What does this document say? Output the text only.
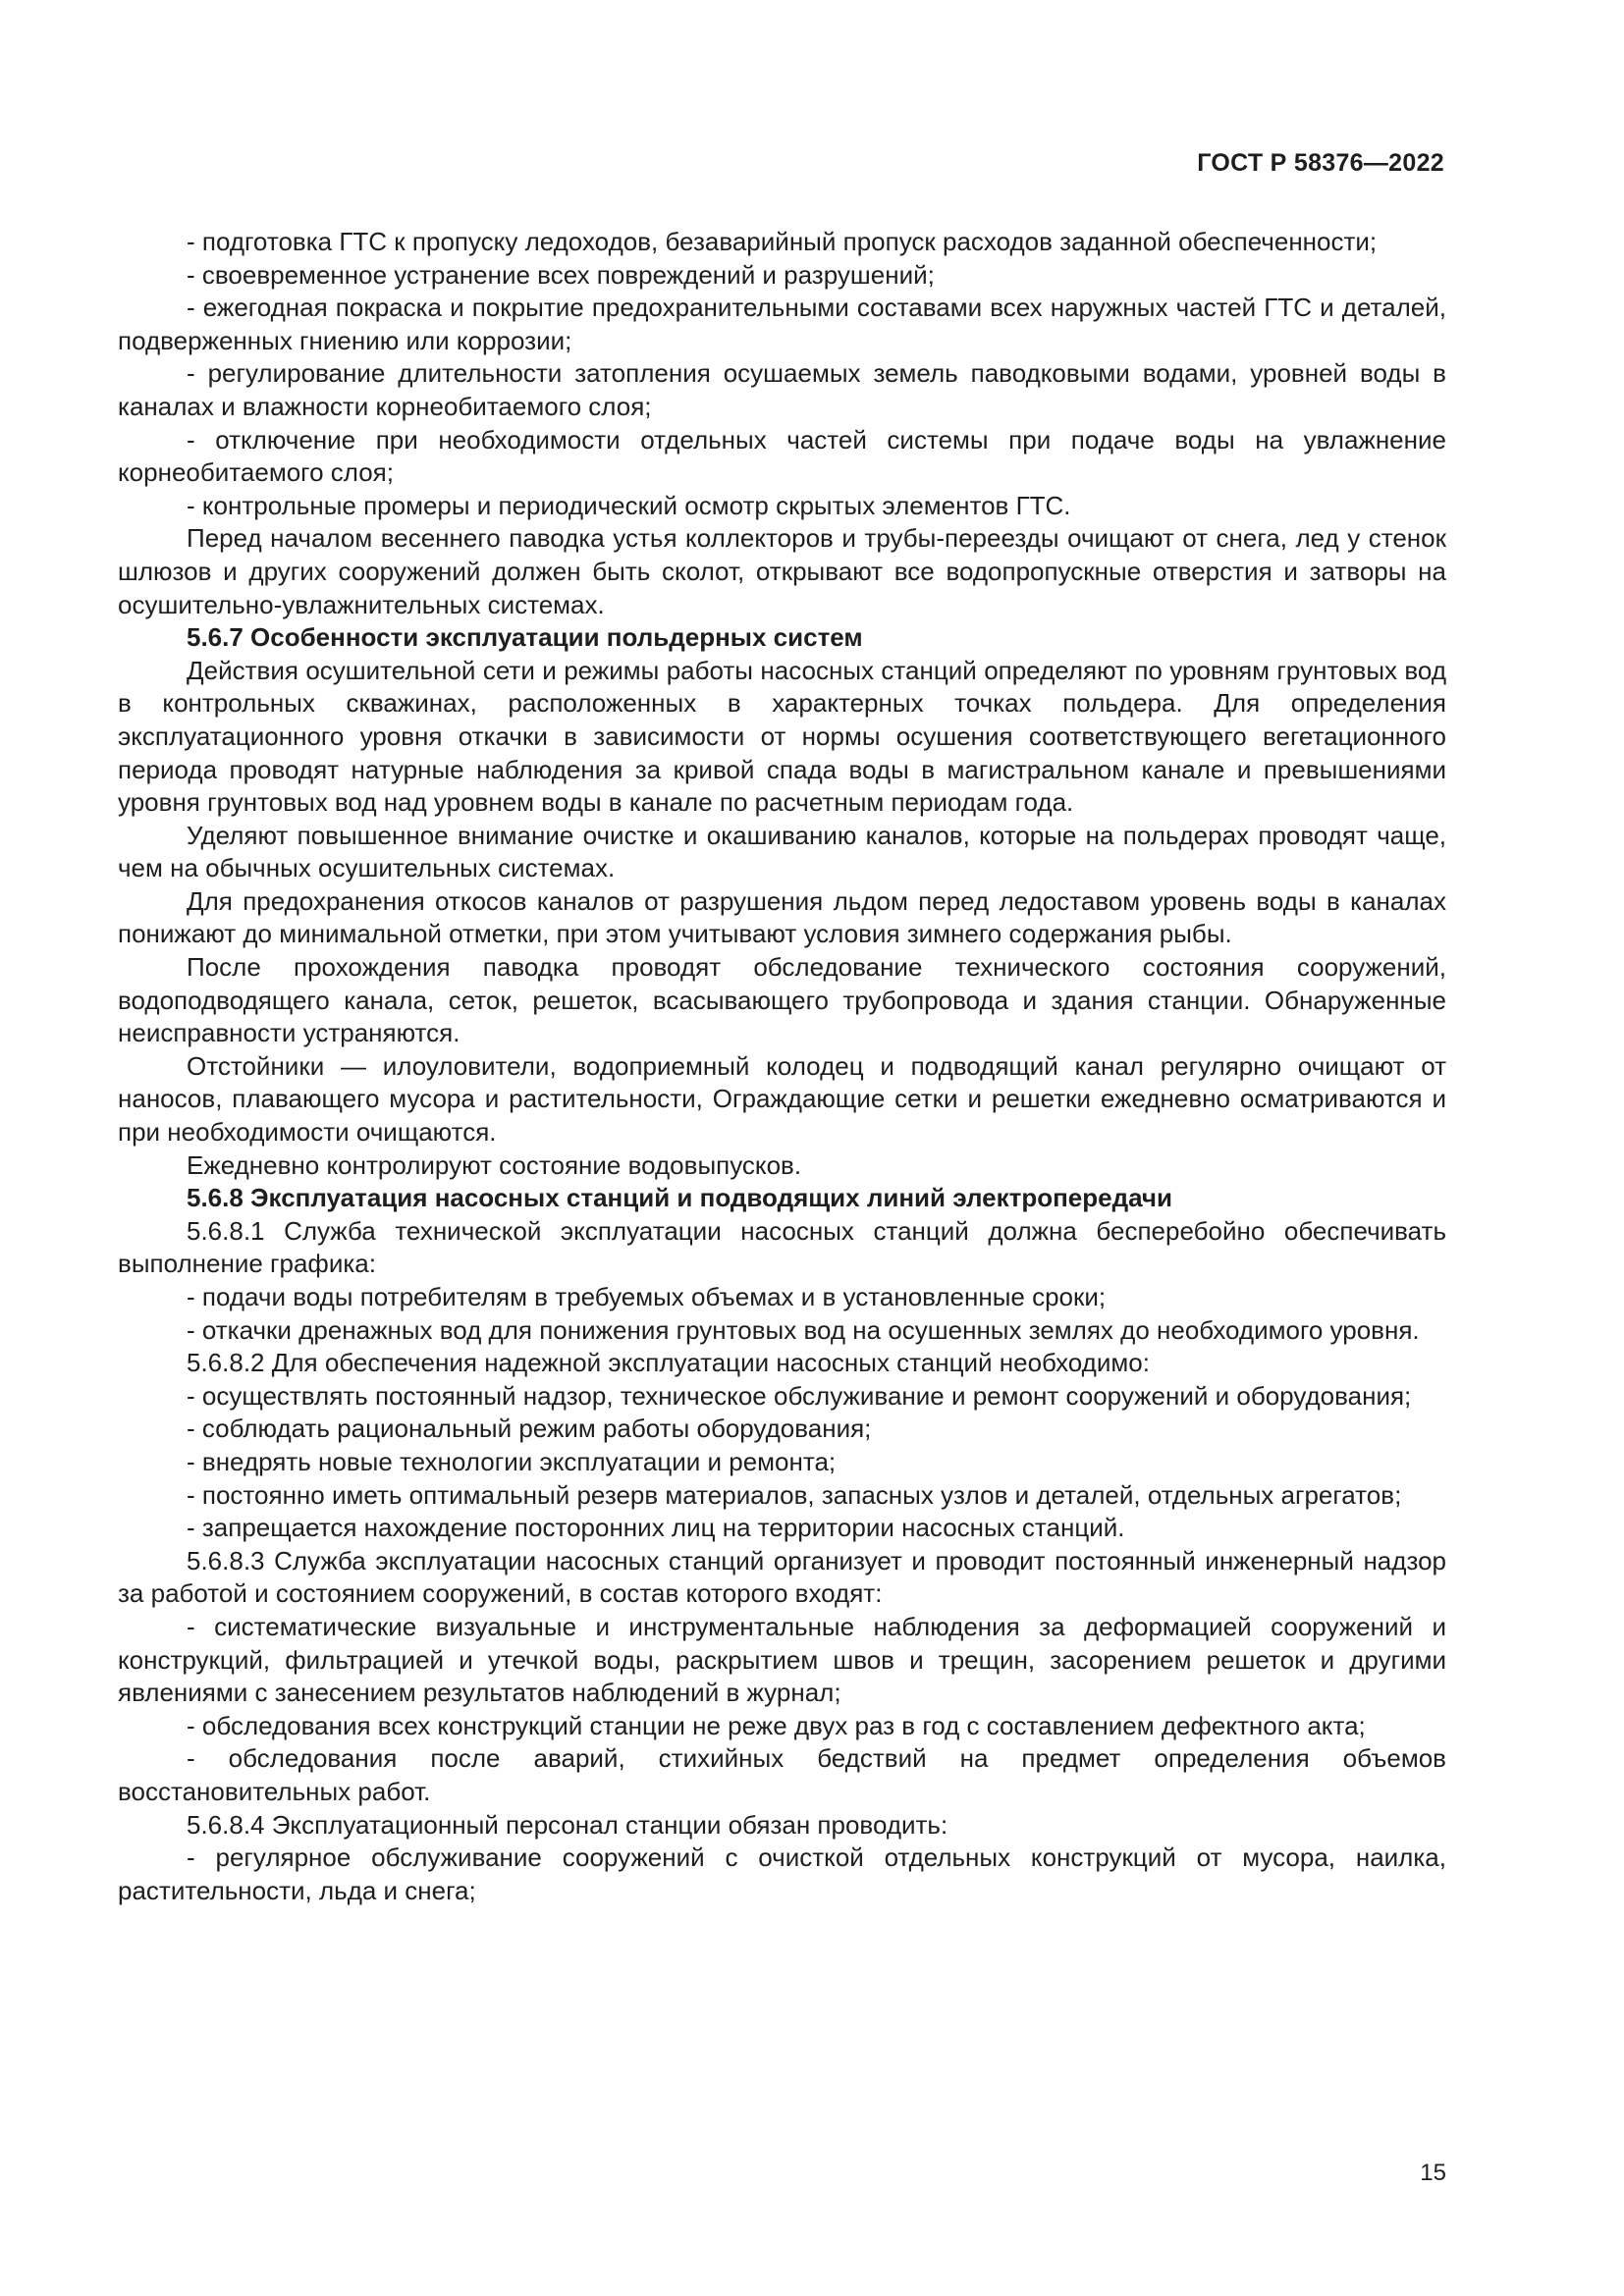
ГОСТ Р 58376—2022

- подготовка ГТС к пропуску ледоходов, безаварийный пропуск расходов заданной обеспеченности;

- своевременное устранение всех повреждений и разрушений;

- ежегодная покраска и покрытие предохранительными составами всех наружных частей ГТС и деталей, подверженных гниению или коррозии;

- регулирование длительности затопления осушаемых земель паводковыми водами, уровней воды в каналах и влажности корнеобитаемого слоя;

- отключение при необходимости отдельных частей системы при подаче воды на увлажнение корнеобитаемого слоя;

- контрольные промеры и периодический осмотр скрытых элементов ГТС.

Перед началом весеннего паводка устья коллекторов и трубы-переезды очищают от снега, лед у стенок шлюзов и других сооружений должен быть сколот, открывают все водопропускные отверстия и затворы на осушительно-увлажнительных системах.

5.6.7 Особенности эксплуатации польдерных систем

Действия осушительной сети и режимы работы насосных станций определяют по уровням грунтовых вод в контрольных скважинах, расположенных в характерных точках польдера. Для определения эксплуатационного уровня откачки в зависимости от нормы осушения соответствующего вегетационного периода проводят натурные наблюдения за кривой спада воды в магистральном канале и превышениями уровня грунтовых вод над уровнем воды в канале по расчетным периодам года.

Уделяют повышенное внимание очистке и окашиванию каналов, которые на польдерах проводят чаще, чем на обычных осушительных системах.

Для предохранения откосов каналов от разрушения льдом перед ледоставом уровень воды в каналах понижают до минимальной отметки, при этом учитывают условия зимнего содержания рыбы.

После прохождения паводка проводят обследование технического состояния сооружений, водоподводящего канала, сеток, решеток, всасывающего трубопровода и здания станции. Обнаруженные неисправности устраняются.

Отстойники — илоуловители, водоприемный колодец и подводящий канал регулярно очищают от наносов, плавающего мусора и растительности, Ограждающие сетки и решетки ежедневно осматриваются и при необходимости очищаются.

Ежедневно контролируют состояние водовыпусков.

5.6.8 Эксплуатация насосных станций и подводящих линий электропередачи

5.6.8.1 Служба технической эксплуатации насосных станций должна бесперебойно обеспечивать выполнение графика:

- подачи воды потребителям в требуемых объемах и в установленные сроки;

- откачки дренажных вод для понижения грунтовых вод на осушенных землях до необходимого уровня.

5.6.8.2 Для обеспечения надежной эксплуатации насосных станций необходимо:

- осуществлять постоянный надзор, техническое обслуживание и ремонт сооружений и оборудования;

- соблюдать рациональный режим работы оборудования;

- внедрять новые технологии эксплуатации и ремонта;

- постоянно иметь оптимальный резерв материалов, запасных узлов и деталей, отдельных агрегатов;

- запрещается нахождение посторонних лиц на территории насосных станций.

5.6.8.3 Служба эксплуатации насосных станций организует и проводит постоянный инженерный надзор за работой и состоянием сооружений, в состав которого входят:

- систематические визуальные и инструментальные наблюдения за деформацией сооружений и конструкций, фильтрацией и утечкой воды, раскрытием швов и трещин, засорением решеток и другими явлениями с занесением результатов наблюдений в журнал;

- обследования всех конструкций станции не реже двух раз в год с составлением дефектного акта;

- обследования после аварий, стихийных бедствий на предмет определения объемов восстановительных работ.

5.6.8.4 Эксплуатационный персонал станции обязан проводить:

- регулярное обслуживание сооружений с очисткой отдельных конструкций от мусора, наилка, растительности, льда и снега;

15
